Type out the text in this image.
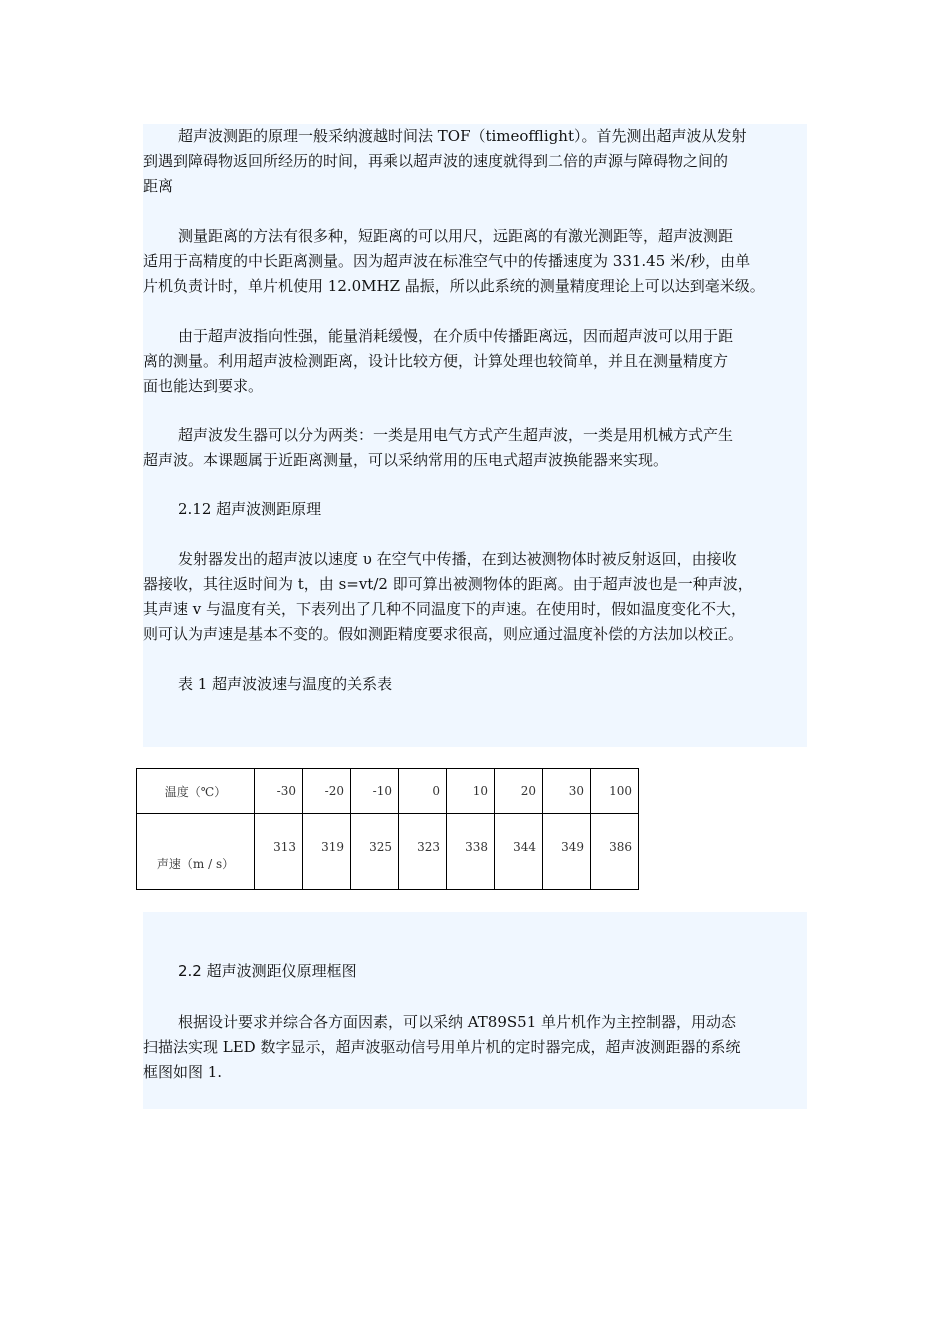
超声波测距的原理一般采纳渡越时间法 TOF（timeofflight）。首先测出超声波从发射
到遇到障碍物返回所经历的时间，再乘以超声波的速度就得到二倍的声源与障碍物之间的
距离
测量距离的方法有很多种，短距离的可以用尺，远距离的有激光测距等，超声波测距
适用于高精度的中长距离测量。因为超声波在标准空气中的传播速度为 331.45 米/秒，由单
片机负责计时，单片机使用 12.0MHZ 晶振，所以此系统的测量精度理论上可以达到毫米级。
由于超声波指向性强，能量消耗缓慢，在介质中传播距离远，因而超声波可以用于距
离的测量。利用超声波检测距离，设计比较方便，计算处理也较简单，并且在测量精度方
面也能达到要求。
超声波发生器可以分为两类：一类是用电气方式产生超声波，一类是用机械方式产生
超声波。本课题属于近距离测量，可以采纳常用的压电式超声波换能器来实现。
2.12 超声波测距原理
发射器发出的超声波以速度 υ 在空气中传播，在到达被测物体时被反射返回，由接收
器接收，其往返时间为 t，由 s=vt/2 即可算出被测物体的距离。由于超声波也是一种声波，
其声速 v 与温度有关，下表列出了几种不同温度下的声速。在使用时，假如温度变化不大，
则可认为声速是基本不变的。假如测距精度要求很高，则应通过温度补偿的方法加以校正。
表 1 超声波波速与温度的关系表
温度（℃）	-30	-20	-10	0	10	20	30	100
声速（m / s）	313	319	325	323	338	344	349	386
2.2 超声波测距仪原理框图
根据设计要求并综合各方面因素，可以采纳 AT89S51 单片机作为主控制器，用动态
扫描法实现 LED 数字显示，超声波驱动信号用单片机的定时器完成，超声波测距器的系统
框图如图 1.
